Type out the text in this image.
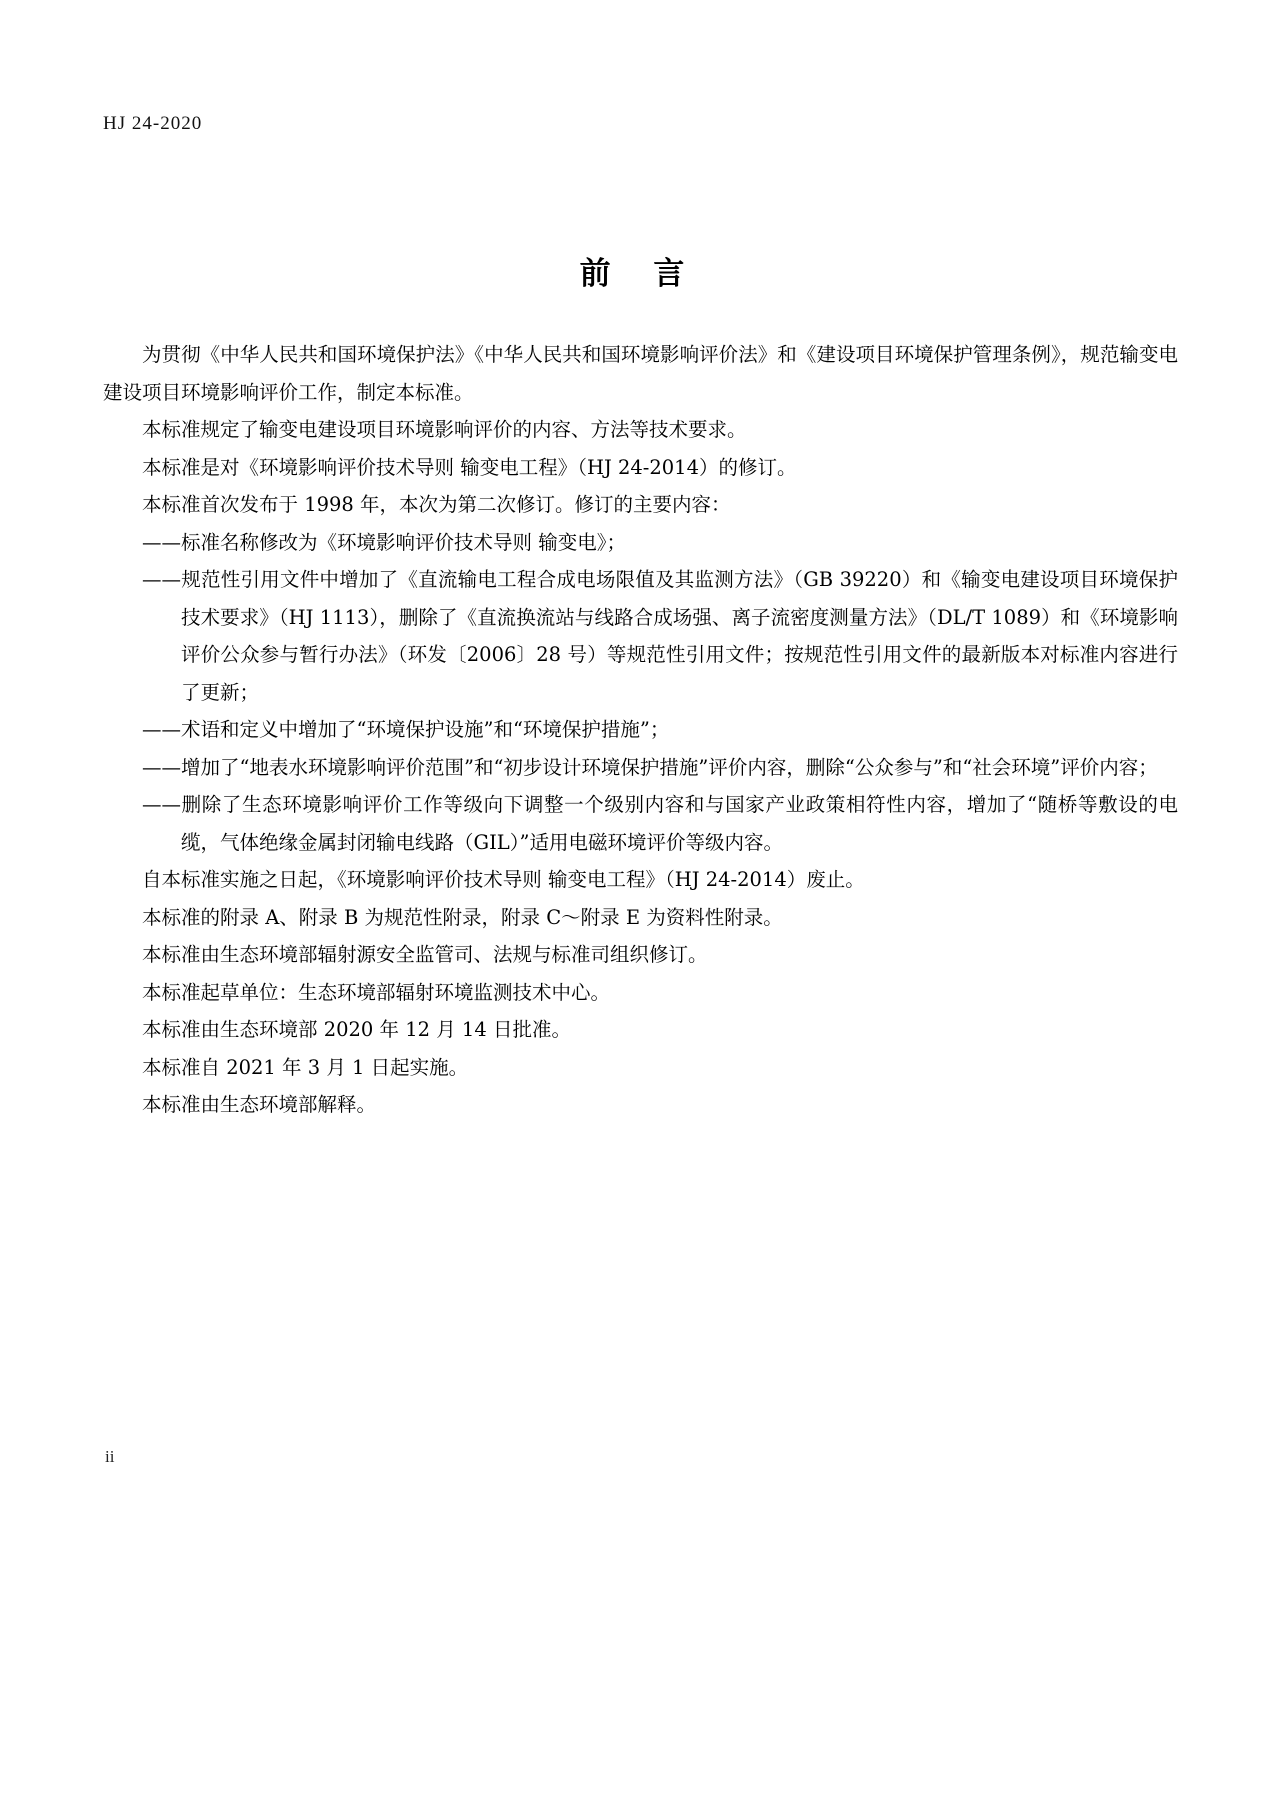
HJ 24-2020
前 言

为贯彻《中华人民共和国环境保护法》《中华人民共和国环境影响评价法》和《建设项目环境保护管理条例》，规范输变电建设项目环境影响评价工作，制定本标准。

本标准规定了输变电建设项目环境影响评价的内容、方法等技术要求。

本标准是对《环境影响评价技术导则 输变电工程》（HJ 24-2014）的修订。

本标准首次发布于 1998 年，本次为第二次修订。修订的主要内容：

——标准名称修改为《环境影响评价技术导则 输变电》；

——规范性引用文件中增加了《直流输电工程合成电场限值及其监测方法》（GB 39220）和《输变电建设项目环境保护技术要求》（HJ 1113），删除了《直流换流站与线路合成场强、离子流密度测量方法》（DL/T 1089）和《环境影响评价公众参与暂行办法》（环发〔2006〕28 号）等规范性引用文件；按规范性引用文件的最新版本对标准内容进行了更新；

——术语和定义中增加了“环境保护设施”和“环境保护措施”；

——增加了“地表水环境影响评价范围”和“初步设计环境保护措施”评价内容，删除“公众参与”和“社会环境”评价内容；

——删除了生态环境影响评价工作等级向下调整一个级别内容和与国家产业政策相符性内容，增加了“随桥等敷设的电缆，气体绝缘金属封闭输电线路（GIL）”适用电磁环境评价等级内容。

自本标准实施之日起，《环境影响评价技术导则 输变电工程》（HJ 24-2014）废止。

本标准的附录 A、附录 B 为规范性附录，附录 C～附录 E 为资料性附录。

本标准由生态环境部辐射源安全监管司、法规与标准司组织修订。

本标准起草单位：生态环境部辐射环境监测技术中心。

本标准由生态环境部 2020 年 12 月 14 日批准。

本标准自 2021 年 3 月 1 日起实施。

本标准由生态环境部解释。

ii
